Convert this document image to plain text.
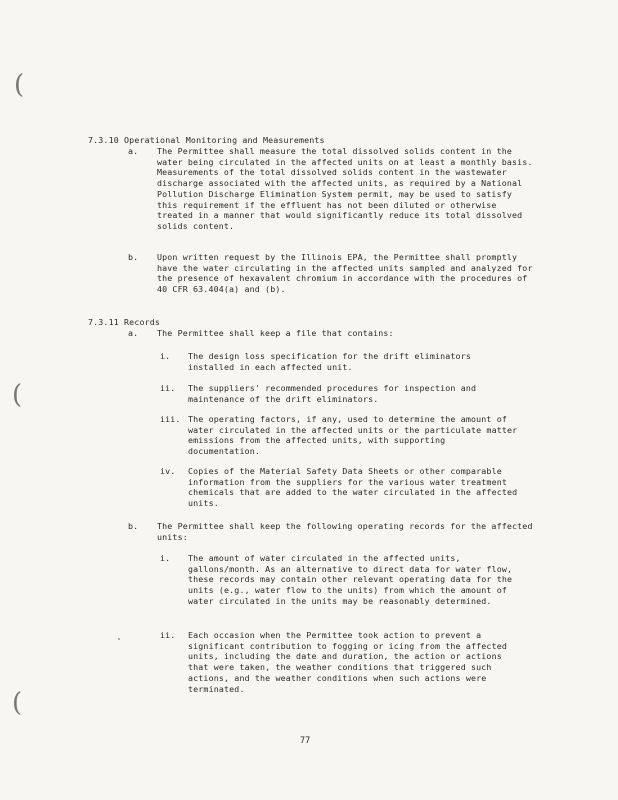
(
(
(

7.3.10 Operational Monitoring and Measurements

a. The Permittee shall measure the total dissolved solids content in the water being circulated in the affected units on at least a monthly basis. Measurements of the total dissolved solids content in the wastewater discharge associated with the affected units, as required by a National Pollution Discharge Elimination System permit, may be used to satisfy this requirement if the effluent has not been diluted or otherwise treated in a manner that would significantly reduce its total dissolved solids content.
b. Upon written request by the Illinois EPA, the Permittee shall promptly have the water circulating in the affected units sampled and analyzed for the presence of hexavalent chromium in accordance with the procedures of 40 CFR 63.404(a) and (b).

7.3.11 Records

a. The Permittee shall keep a file that contains:
i. The design loss specification for the drift eliminators installed in each affected unit.
ii. The suppliers' recommended procedures for inspection and maintenance of the drift eliminators.
iii. The operating factors, if any, used to determine the amount of water circulated in the affected units or the particulate matter emissions from the affected units, with supporting documentation.
iv. Copies of the Material Safety Data Sheets or other comparable information from the suppliers for the various water treatment chemicals that are added to the water circulated in the affected units.
b. The Permittee shall keep the following operating records for the affected units:
i. The amount of water circulated in the affected units, gallons/month. As an alternative to direct data for water flow, these records may contain other relevant operating data for the units (e.g., water flow to the units) from which the amount of water circulated in the units may be reasonably determined.
ii. Each occasion when the Permittee took action to prevent a significant contribution to fogging or icing from the affected units, including the date and duration, the action or actions that were taken, the weather conditions that triggered such actions, and the weather conditions when such actions were terminated.
77
